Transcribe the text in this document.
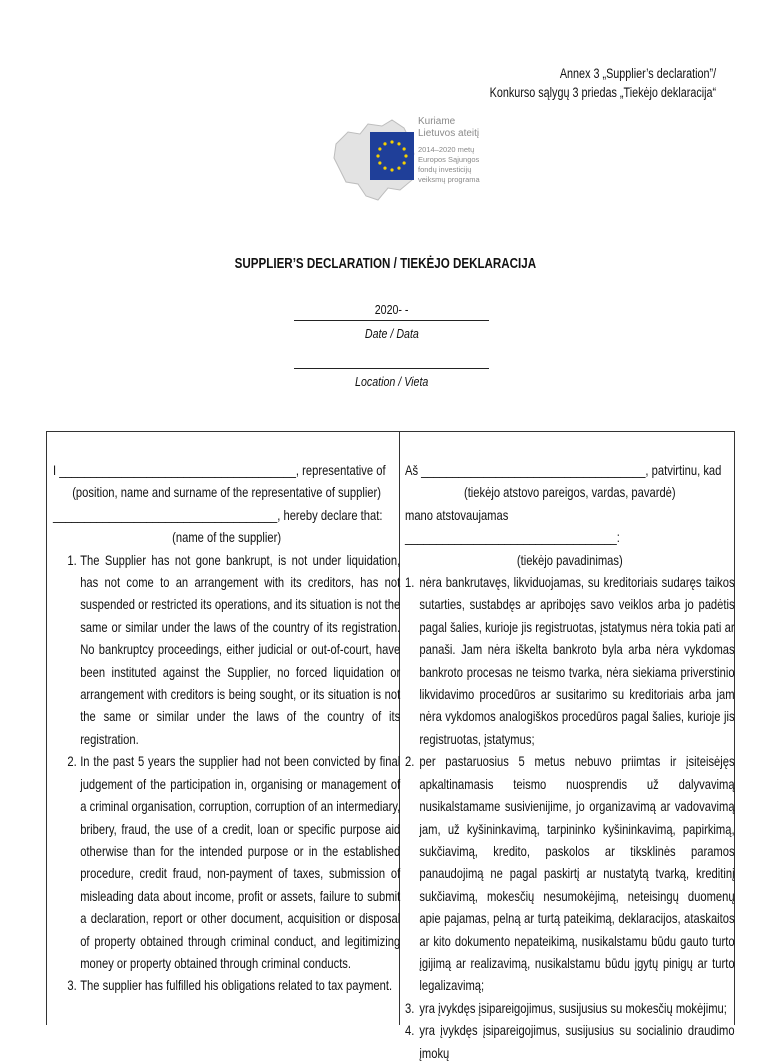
Annex 3 „Supplier’s declaration”/
Konkurso sąlygų 3 priedas „Tiekėjo deklaracija“
Kuriame
Lietuvos ateitį
2014–2020 metų
Europos Sąjungos
fondų investicijų
veiksmų programa
SUPPLIER’S DECLARATION / TIEKĖJO DEKLARACIJA
2020- -
Date / Data
Location / Vieta

I ______________________________________, representative of

(position, name and surname of the representative of supplier)

____________________________________, hereby declare that:

(name of the supplier)

1. The Supplier has not gone bankrupt, is not under liquidation, has not come to an arrangement with its creditors, has not suspended or restricted its operations, and its situation is not the same or similar under the laws of the country of its registration. No bankruptcy proceedings, either judicial or out-of-court, have been instituted against the Supplier, no forced liquidation or arrangement with creditors is being sought, or its situation is not the same or similar under the laws of the country of its registration.
2. In the past 5 years the supplier had not been convicted by final judgement of the participation in, organising or management of a criminal organisation, corruption, corruption of an intermediary, bribery, fraud, the use of a credit, loan or specific purpose aid otherwise than for the intended purpose or in the established procedure, credit fraud, non-payment of taxes, submission of misleading data about income, profit or assets, failure to submit a declaration, report or other document, acquisition or disposal of property obtained through criminal conduct, and legitimizing money or property obtained through criminal conducts.
3. The supplier has fulfilled his obligations related to tax payment.

Aš ____________________________________, patvirtinu, kad

(tiekėjo atstovo pareigos, vardas, pavardė)

mano atstovaujamas

__________________________________:

(tiekėjo pavadinimas)

1. nėra bankrutavęs, likviduojamas, su kreditoriais sudaręs taikos sutarties, sustabdęs ar apribojęs savo veiklos arba jo padėtis pagal šalies, kurioje jis registruotas, įstatymus nėra tokia pati ar panaši. Jam nėra iškelta bankroto byla arba nėra vykdomas bankroto procesas ne teismo tvarka, nėra siekiama priverstinio likvidavimo procedūros ar susitarimo su kreditoriais arba jam nėra vykdomos analogiškos procedūros pagal šalies, kurioje jis registruotas, įstatymus;
2. per pastaruosius 5 metus nebuvo priimtas ir įsiteisėjęs apkaltinamasis teismo nuosprendis už dalyvavimą nusikalstamame susivienijime, jo organizavimą ar vadovavimą jam, už kyšininkavimą, tarpininko kyšininkavimą, papirkimą, sukčiavimą, kredito, paskolos ar tiksklinės paramos panaudojimą ne pagal paskirtį ar nustatytą tvarką, kreditinį sukčiavimą, mokesčių nesumokėjimą, neteisingų duomenų apie pajamas, pelną ar turtą pateikimą, deklaracijos, ataskaitos ar kito dokumento nepateikimą, nusikalstamu būdu gauto turto įgijimą ar realizavimą, nusikalstamu būdu įgytų pinigų ar turto legalizavimą;
3. yra įvykdęs įsipareigojimus, susijusius su mokesčių mokėjimu;
4. yra įvykdęs įsipareigojimus, susijusius su socialinio draudimo įmokų
